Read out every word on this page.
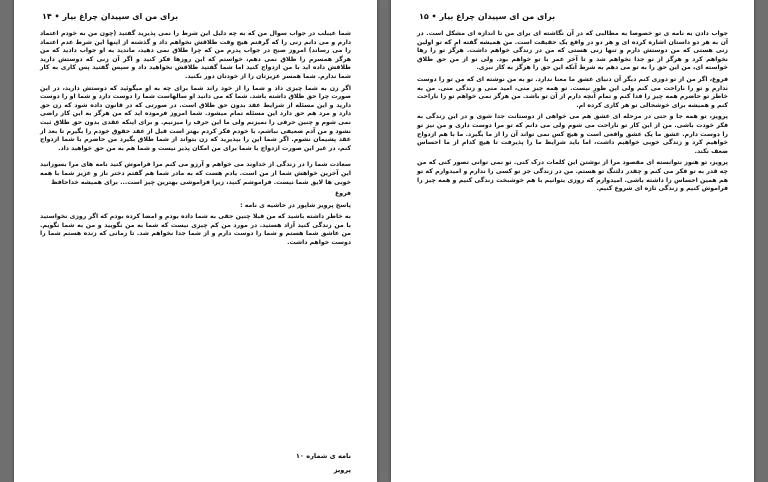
۱۴ • برای من ای سپیدان چراغ بیار

شما عیبلب در جواب سوال من که به چه دلیل این شرط را نمی پذیرید گفتید (چون من به خودم اعتماد دارم و می دانم زنی را که گرفتم هیچ وقت طلاقش نخواهم داد و گذشته از اینها این شرط عدم اعتماد را می رساند) امروز صبح در جواب پدرم من که چرا طلاق نمی دهید، ماندید به او جواب دادید که من هرگز همسرم را طلاق نمی دهم، خواستم که این روزها فکر کنید و اگر آن زنی که دوستش دارید طلاقش داده اید با من ازدواج کنید اما شما گفتید طلاقش نخواهید داد و سپس گفتید پس کاری به کار شما ندارم. شما همسر عزیزتان را از خودتان دور نکنید.

اگر زن به شما چیزی داد و شما را از خود راند شما برای چه به او میگوئید که دوستش دارید، در این صورت چرا حق طلاق داشته باشد. شما که می دانید او سالهاست شما را دوست دارد و شما او را دوست دارید و این مسئله از شرایط عقد بدون حق طلاق است. در صورتی که در قانون داده شود که زن حق دارد و مرد هم حق دارد این مسئله تمام میشود. شما امروز فرموده اید که من هرگز به این کار راضی نمی شوم و چنین حرفی را نمیزنم ولی ما این حرف را میزنیم. و برای اینکه عقدی بدون حق طلاق ثبت نشود و من آدم ضعیفی نباشم، با خودم فکر کردم بهتر است قبل از عقد حقوق خودم را بگیرم تا بعد از عقد پشیمان نشوم. اگر شما این را بپذیرید که زن بتواند از شما طلاق بگیرد من حاضرم با شما ازدواج کنم، در غیر این صورت ازدواج با شما برای من امکان پذیر نیست و شما هم به من حق خواهید داد.

سعادت شما را در زندگی از خداوند می خواهم و آرزو می کنم مرا فراموش کنید نامه های مرا بسوزانید این آخرین خواهش شما از من است. یادم هست که به مادر شما هم گفتم دختر ناز و عزیز شما با همه خوبی ها لایق شما نیست. فراموشم کنید، زیرا فراموشی بهترین چیز است... برای همیشه خداحافظ

فروغ

پاسخ پرویز شاپور در حاشیه ی نامه :

به خاطر داشته باشید که من قبلا چنین حقی به شما داده بودم و امضا کرده بودم که اگر روزی نخواستید با من زندگی کنید آزاد هستید. در مورد من کم چیزی نیست که شما به من نگویید و من به شما نگویم. من عاشق شما هستم و شما را دوست دارم و از شما جدا نخواهم شد. تا زمانی که زنده هستم شما را دوست خواهم داشت.

نامه ی شماره ۱۰
پرویز
۱۵ • برای من ای سپیدان چراغ بیار

جواب دادن به نامه ی تو خصوصا به مطالبی که در آن نگاشته ای برای من نا اندازه ای مشکل است. در آن به هر دو داستان اشاره کرده ای و هر دو در واقع یک حقیقت است. من همیشه گفته ام که تو اولین زنی هستی که من دوستش دارم و تنها زنی هستی که من در زندگی خواهم داشت. هرگز تو را رها نخواهم کرد و هرگز از تو جدا نخواهم شد و تا آخر عمر با تو خواهم بود. ولی تو از من حق طلاق خواسته ای، من این حق را به تو می دهم به شرط آنکه این حق را هرگز به کار نبری.

فروغ، اگر من از تو دوری کنم دیگر آن دنیای عشق ما معنا ندارد. تو به من نوشته ای که من تو را دوست ندارم و تو را ناراحت می کنم ولی این طور نیست. تو همه چیز منی، امید منی و زندگی منی. من به خاطر تو حاضرم همه چیز را فدا کنم و تمام آنچه دارم از آن تو باشد. من هرگز نمی خواهم تو را ناراحت کنم و همیشه برای خوشحالی تو هر کاری کرده ام.

پرویز، تو همه جا و حتی در مرحله ای عشق هم می خواهی از دوستانت جدا شوی و در این زندگی به فکر خودت باشی. من از این کار تو ناراحت می شوم ولی می دانم که تو مرا دوست داری و من نیز تو را دوست دارم. عشق ما یک عشق واقعی است و هیچ کس نمی تواند آن را از ما بگیرد. ما با هم ازدواج خواهیم کرد و زندگی خوبی خواهیم داشت، اما باید شرایط ما را پذیرفت تا هیچ کدام از ما احساس ضعف نکند.

پرویز، تو هنوز نتوانسته ای مقصود مرا از نوشتن این کلمات درک کنی. تو نمی توانی تصور کنی که من چه قدر به تو فکر می کنم و چقدر دلتنگ تو هستم. من در زندگی جز تو کسی را ندارم و امیدوارم که تو هم همین احساس را داشته باشی. امیدوارم که روزی بتوانیم با هم خوشبخت زندگی کنیم و همه چیز را فراموش کنیم و زندگی تازه ای شروع کنیم.
